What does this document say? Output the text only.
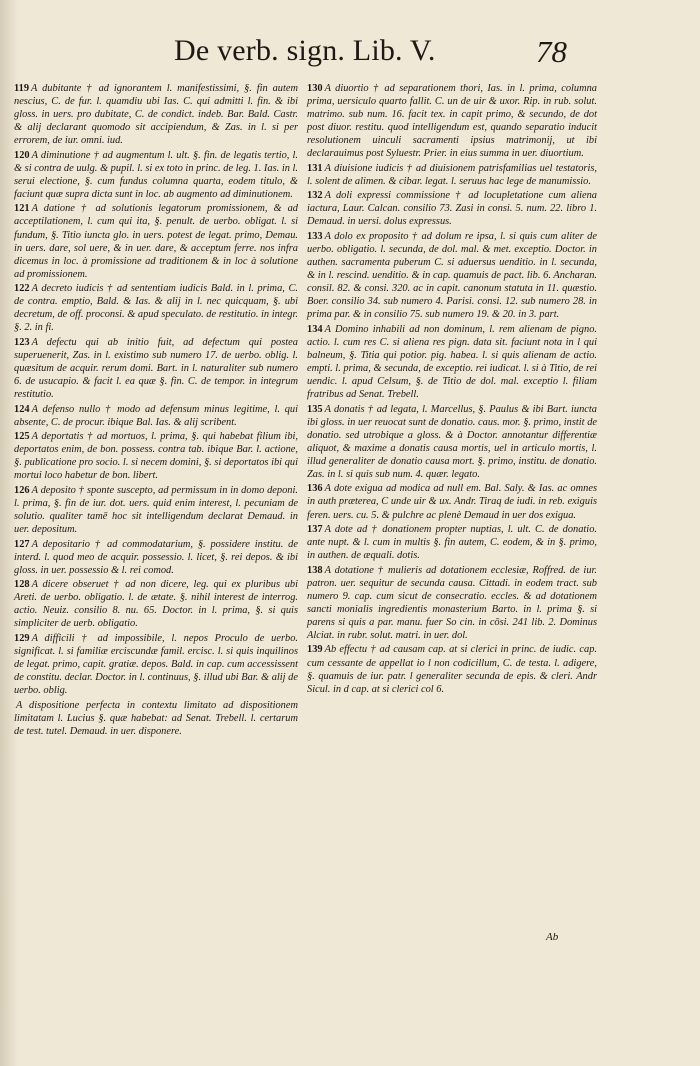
De verb. sign. Lib. V.	78

119 A dubitante † ad ignorantem l. manifestissimi, §. fin autem nescius, C. de fur. l. quamdiu ubi Ias. C. qui admitti l. fin. & ibi gloss. in uers. pro dubitate, C. de condict. indeb. Bar. Bald. Castr. & alij declarant quomodo sit accipiendum, & Zas. in l. si per errorem, de iur. omni. iud.

120 A diminutione † ad augmentum l. ult. §. fin. de legatis tertio, l. & si contra de uulg. & pupil. l. si ex toto in princ. de leg. 1. Ias. in l. serui electione, §. cum fundus columna quarta, eodem titulo, & faciunt quæ supra dicta sunt in loc. ab augmento ad diminutionem.

121 A datione † ad solutionis legatorum promissionem, & ad acceptilationem, l. cum qui ita, §. penult. de uerbo. obligat. l. si fundum, §. Titio iuncta glo. in uers. potest de legat. primo, Demau. in uers. dare, sol uere, & in uer. dare, & acceptum ferre. nos infra dicemus in loc. à promissione ad traditionem & in loc à solutione ad promissionem.

122 A decreto iudicis † ad sententiam iudicis Bald. in l. prima, C. de contra. emptio, Bald. & Ias. & alij in l. nec quicquam, §. ubi decretum, de off. proconsi. & apud speculato. de restitutio. in integr. §. 2. in fi.

123 A defectu qui ab initio fuit, ad defectum qui postea superuenerit, Zas. in l. existimo sub numero 17. de uerbo. oblig. l. quæsitum de acquir. rerum domi. Bart. in l. naturaliter sub numero 6. de usucapio. & facit l. ea quæ §. fin. C. de tempor. in integrum restitutio.

124 A defenso nullo † modo ad defensum minus legitime, l. qui absente, C. de procur. ibique Bal. Ias. & alij scribent.

125 A deportatis † ad mortuos, l. prima, §. qui habebat filium ibi, deportatos enim, de bon. possess. contra tab. ibique Bar. l. actione, §. publicatione pro socio. l. si necem domini, §. si deportatos ibi qui mortui loco habetur de bon. libert.

126 A deposito † sponte suscepto, ad permissum in in domo deponi. l. prima, §. fin de iur. dot. uers. quid enim interest, l. pecuniam de solutio. qualiter tamē hoc sit intelligendum declarat Demaud. in uer. depositum.

127 A depositario † ad commodatarium, §. possidere institu. de interd. l. quod meo de acquir. possessio. l. licet, §. rei depos. & ibi gloss. in uer. possessio & l. rei comod.

128 A dicere obseruet † ad non dicere, leg. qui ex pluribus ubi Areti. de uerbo. obligatio. l. de ætate. §. nihil interest de interrog. actio. Neuiz. consilio 8. nu. 65. Doctor. in l. prima, §. si quis simpliciter de uerb. obligatio.

129 A difficili † ad impossibile, l. nepos Proculo de uerbo. significat. l. si familiæ erciscundæ famil. ercisc. l. si quis inquilinos de legat. primo, capit. gratiæ. depos. Bald. in cap. cum accessissent de constitu. declar. Doctor. in l. continuus, §. illud ubi Bar. & alij de uerbo. oblig.

A dispositione perfecta in contextu limitato ad dispositionem limitatam l. Lucius §. quæ habebat: ad Senat. Trebell. l. certarum de test. tutel. Demaud. in uer. disponere.

130 A diuortio † ad separationem thori, Ias. in l. prima, columna prima, uersiculo quarto fallit. C. un de uir & uxor. Rip. in rub. solut. matrimo. sub num. 16. facit tex. in capit primo, & secundo, de dot post diuor. restitu. quod intelligendum est, quando separatio inducit resolutionem uinculi sacramenti ipsius matrimonij, ut ibi declarauimus post Syluestr. Prier. in eius summa in uer. diuortium.

131 A diuisione iudicis † ad diuisionem patrisfamilias uel testatoris, l. solent de alimen. & cibar. legat. l. seruus hac lege de manumissio.

132 A doli expressi commissione † ad locupletatione cum aliena iactura, Laur. Calcan. consilio 73. Zasi in consi. 5. num. 22. libro 1. Demaud. in uersi. dolus expressus.

133 A dolo ex proposito † ad dolum re ipsa, l. si quis cum aliter de uerbo. obligatio. l. secunda, de dol. mal. & met. exceptio. Doctor. in authen. sacramenta puberum C. si aduersus uenditio. in l. secunda, & in l. rescind. uenditio. & in cap. quamuis de pact. lib. 6. Ancharan. consil. 82. & consi. 320. ac in capit. canonum statuta in 11. quæstio. Boer. consilio 34. sub numero 4. Parisi. consi. 12. sub numero 28. in prima par. & in consilio 75. sub numero 19. & 20. in 3. part.

134 A Domino inhabili ad non dominum, l. rem alienam de pigno. actio. l. cum res C. si aliena res pign. data sit. faciunt nota in l qui balneum, §. Titia qui potior. pig. habea. l. si quis alienam de actio. empti. l. prima, & secunda, de exceptio. rei iudicat. l. si à Titio, de rei uendic. l. apud Celsum, §. de Titio de dol. mal. exceptio l. filiam fratribus ad Senat. Trebell.

135 A donatis † ad legata, l. Marcellus, §. Paulus & ibi Bart. iuncta ibi gloss. in uer reuocat sunt de donatio. caus. mor. §. primo, instit de donatio. sed utrobique a gloss. & à Doctor. annotantur differentiæ aliquot, & maxime a donatis causa mortis, uel in articulo mortis, l. illud generaliter de donatio causa mort. §. primo, institu. de donatio. Zas. in l. si quis sub num. 4. quær. legato.

136 A dote exigua ad modica ad null em. Bal. Saly. & Ias. ac omnes in auth præterea, C unde uir & ux. Andr. Tiraq de iudi. in reb. exiguis feren. uers. cu. 5. & pulchre ac plenè Demaud in uer dos exigua.

137 A dote ad † donationem propter nuptias, l. ult. C. de donatio. ante nupt. & l. cum in multis §. fin autem, C. eodem, & in §. primo, in authen. de æquali. dotis.

138 A dotatione † mulieris ad dotationem ecclesiæ, Roffred. de iur. patron. uer. sequitur de secunda causa. Cittadi. in eodem tract. sub numero 9. cap. cum sicut de consecratio. eccles. & ad dotationem sancti monialis ingredientis monasterium Barto. in l. prima §. si parens si quis a par. manu. fuer So cin. in cōsi. 241 lib. 2. Dominus Alciat. in rubr. solut. matri. in uer. dol.

139 Ab effectu † ad causam cap. at si clerici in princ. de iudic. cap. cum cessante de appellat io l non codicillum, C. de testa. l. adigere, §. quamuis de iur. patr. l generaliter secunda de epis. & cleri. Andr Sicul. in d cap. at si clerici col 6.

Ab
